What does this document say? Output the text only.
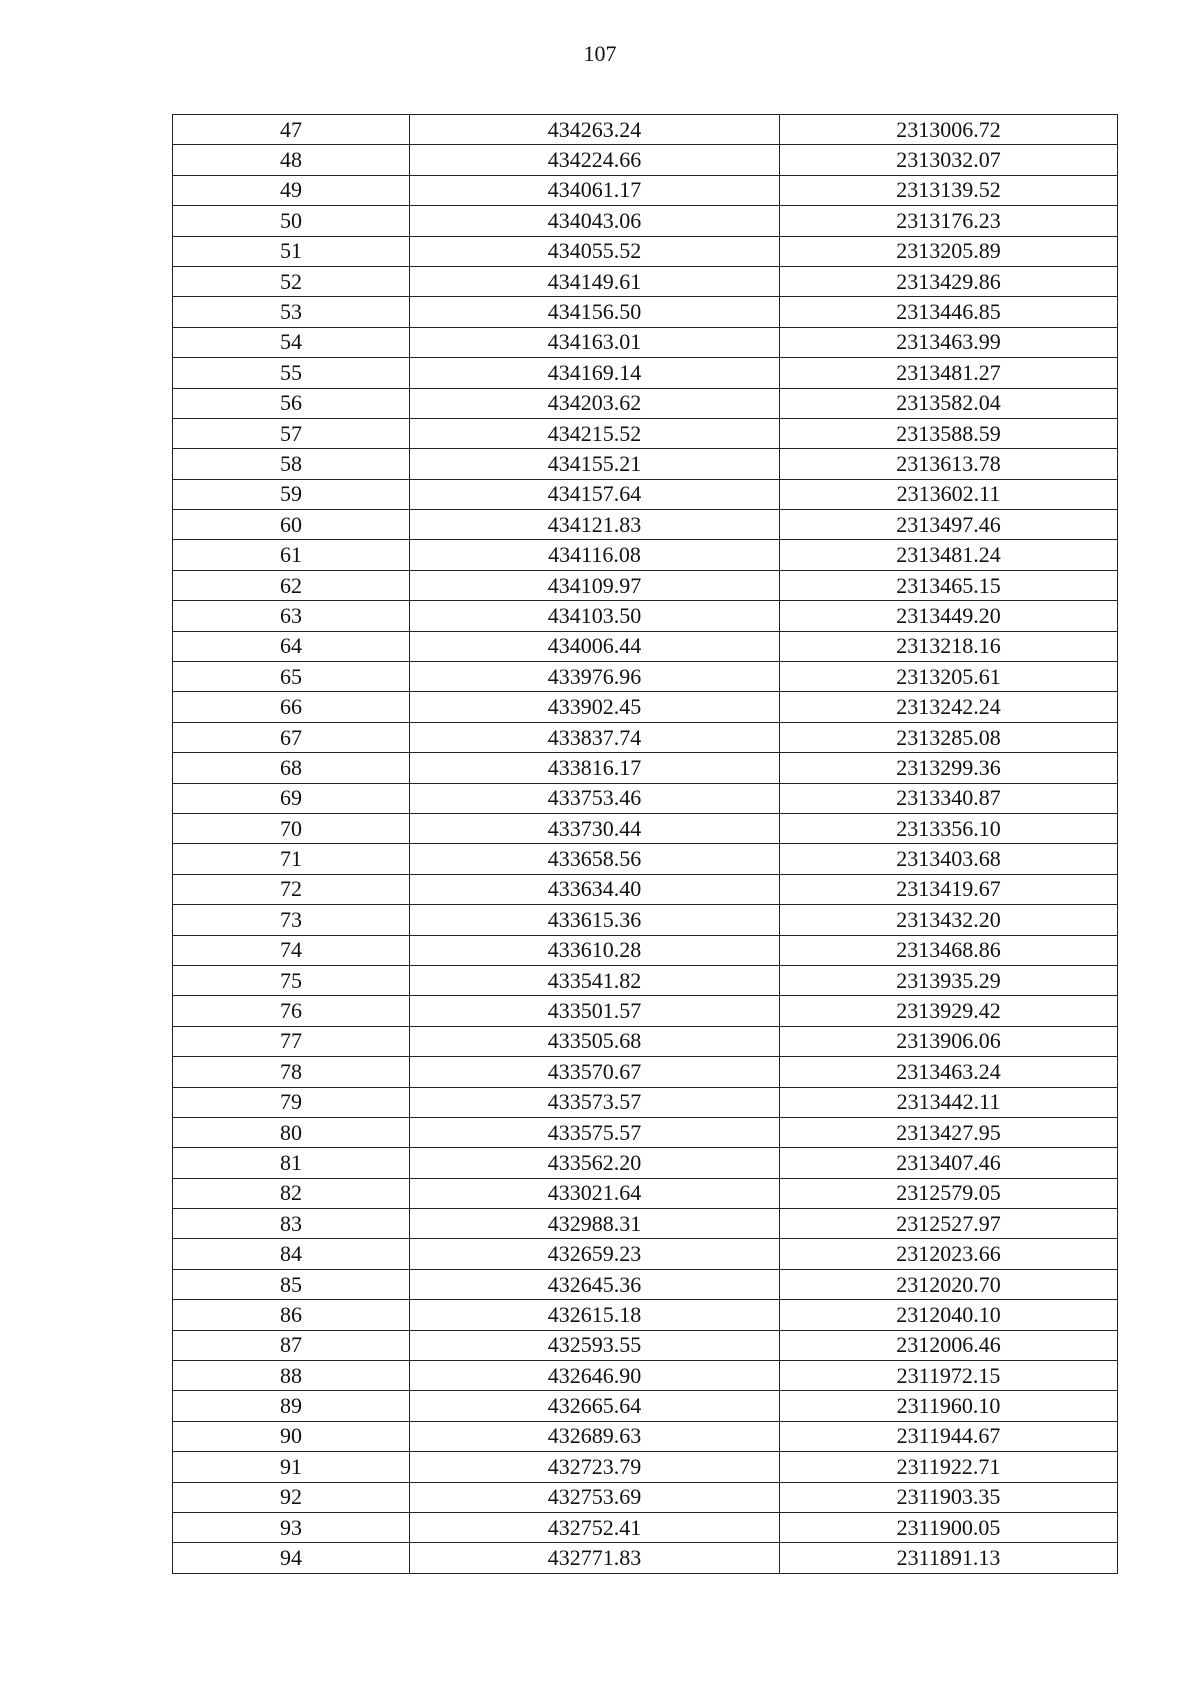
107
47	434263.24	2313006.72
48	434224.66	2313032.07
49	434061.17	2313139.52
50	434043.06	2313176.23
51	434055.52	2313205.89
52	434149.61	2313429.86
53	434156.50	2313446.85
54	434163.01	2313463.99
55	434169.14	2313481.27
56	434203.62	2313582.04
57	434215.52	2313588.59
58	434155.21	2313613.78
59	434157.64	2313602.11
60	434121.83	2313497.46
61	434116.08	2313481.24
62	434109.97	2313465.15
63	434103.50	2313449.20
64	434006.44	2313218.16
65	433976.96	2313205.61
66	433902.45	2313242.24
67	433837.74	2313285.08
68	433816.17	2313299.36
69	433753.46	2313340.87
70	433730.44	2313356.10
71	433658.56	2313403.68
72	433634.40	2313419.67
73	433615.36	2313432.20
74	433610.28	2313468.86
75	433541.82	2313935.29
76	433501.57	2313929.42
77	433505.68	2313906.06
78	433570.67	2313463.24
79	433573.57	2313442.11
80	433575.57	2313427.95
81	433562.20	2313407.46
82	433021.64	2312579.05
83	432988.31	2312527.97
84	432659.23	2312023.66
85	432645.36	2312020.70
86	432615.18	2312040.10
87	432593.55	2312006.46
88	432646.90	2311972.15
89	432665.64	2311960.10
90	432689.63	2311944.67
91	432723.79	2311922.71
92	432753.69	2311903.35
93	432752.41	2311900.05
94	432771.83	2311891.13
